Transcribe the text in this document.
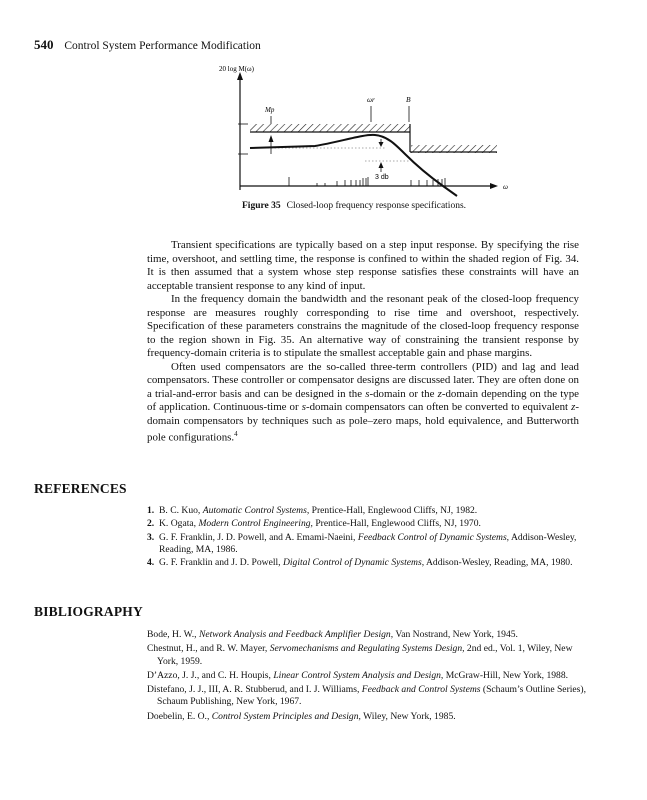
540 Control System Performance Modification
20 log M(ω)
ω
Mp
ωr	B
3 db
Figure 35 Closed-loop frequency response specifications.

Transient specifications are typically based on a step input response. By specifying the rise time, overshoot, and settling time, the response is confined to within the shaded region of Fig. 34. It is then assumed that a system whose step response satisfies these constraints will have an acceptable transient response to any kind of input.

In the frequency domain the bandwidth and the resonant peak of the closed-loop frequency response are measures roughly corresponding to rise time and overshoot, respectively. Specification of these parameters constrains the magnitude of the closed-loop frequency response to the region shown in Fig. 35. An alternative way of constraining the transient response by frequency-domain criteria is to stipulate the smallest acceptable gain and phase margins.

Often used compensators are the so-called three-term controllers (PID) and lag and lead compensators. These controller or compensator designs are discussed later. They are often done on a trial-and-error basis and can be designed in the s-domain or the z-domain depending on the type of application. Continuous-time or s-domain compensators can often be converted to equivalent z-domain compensators by techniques such as pole–zero maps, hold equivalence, and Butterworth pole configurations.$^4$

REFERENCES
1. B. C. Kuo, Automatic Control Systems, Prentice-Hall, Englewood Cliffs, NJ, 1982.
2. K. Ogata, Modern Control Engineering, Prentice-Hall, Englewood Cliffs, NJ, 1970.
3. G. F. Franklin, J. D. Powell, and A. Emami-Naeini, Feedback Control of Dynamic Systems, Addison-Wesley, Reading, MA, 1986.
4. G. F. Franklin and J. D. Powell, Digital Control of Dynamic Systems, Addison-Wesley, Reading, MA, 1980.
BIBLIOGRAPHY
Bode, H. W., Network Analysis and Feedback Amplifier Design, Van Nostrand, New York, 1945.
Chestnut, H., and R. W. Mayer, Servomechanisms and Regulating Systems Design, 2nd ed., Vol. 1, Wiley, New York, 1959.
D’Azzo, J. J., and C. H. Houpis, Linear Control System Analysis and Design, McGraw-Hill, New York, 1988.
Distefano, J. J., III, A. R. Stubberud, and I. J. Williams, Feedback and Control Systems (Schaum’s Outline Series), Schaum Publishing, New York, 1967.
Doebelin, E. O., Control System Principles and Design, Wiley, New York, 1985.
